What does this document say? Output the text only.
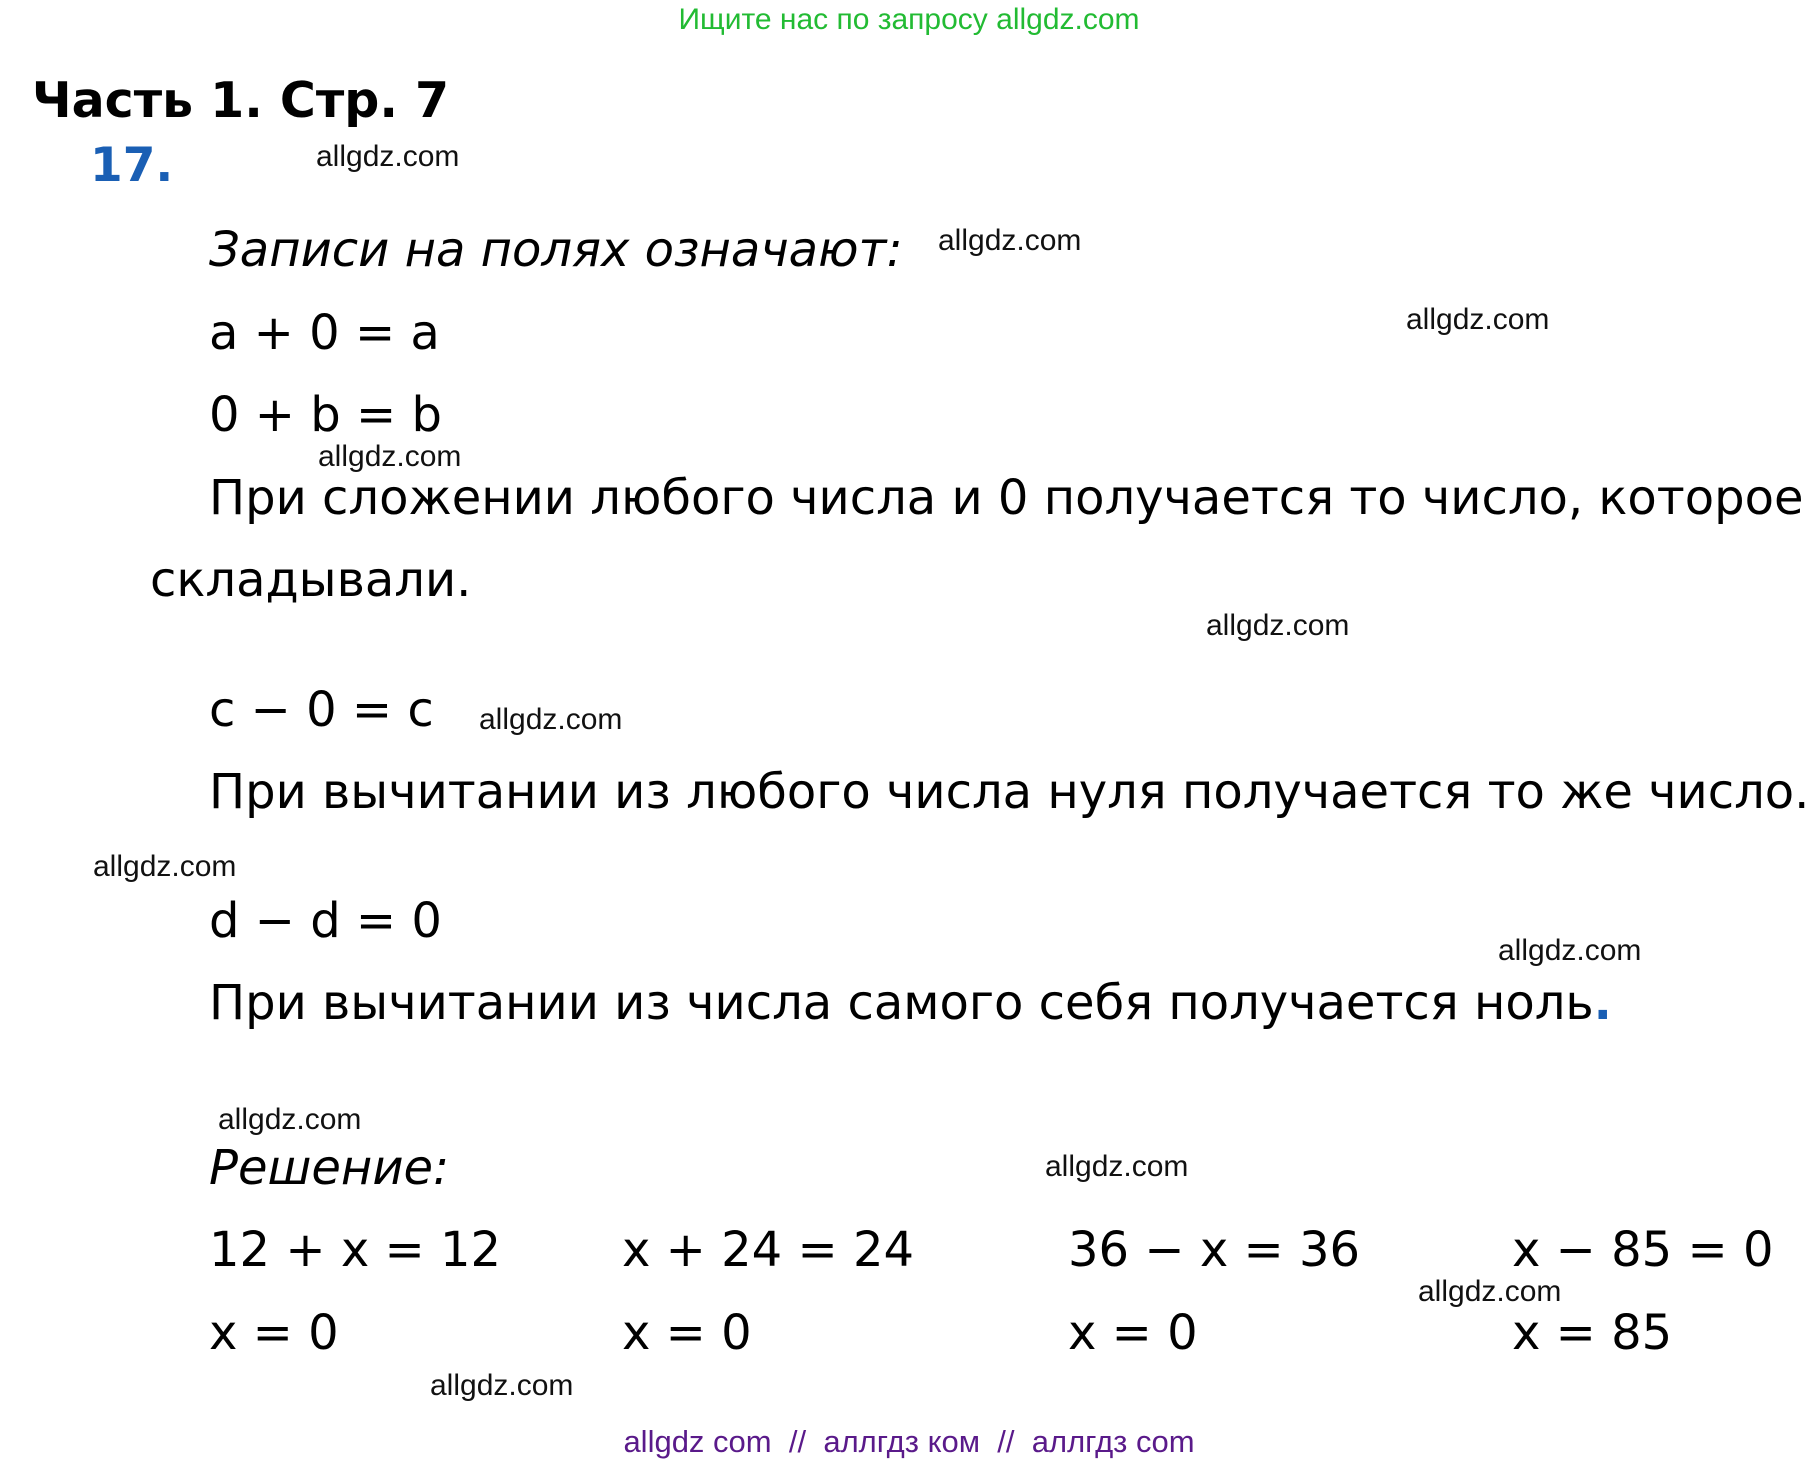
Ищите нас по запросу allgdz.com
Часть 1. Стр. 7
17.	allgdz.com
allgdz.com
allgdz.com
allgdz.com
allgdz.com
allgdz.com
allgdz.com
allgdz.com
allgdz.com
allgdz.com
allgdz.com
allgdz.com
Записи на полях означают:
a + 0 = a
0 + b = b
При сложении любого числа и 0 получается то число, которое
складывали.
c − 0 = c
При вычитании из любого числа нуля получается то же число.
d − d = 0
При вычитании из числа самого себя получается ноль.
Решение:
12 + x = 12
x = 0
x + 24 = 24
x = 0
36 − x = 36
x = 0
x − 85 = 0
x = 85
allgdz com // аллгдз ком // аллгдз com
